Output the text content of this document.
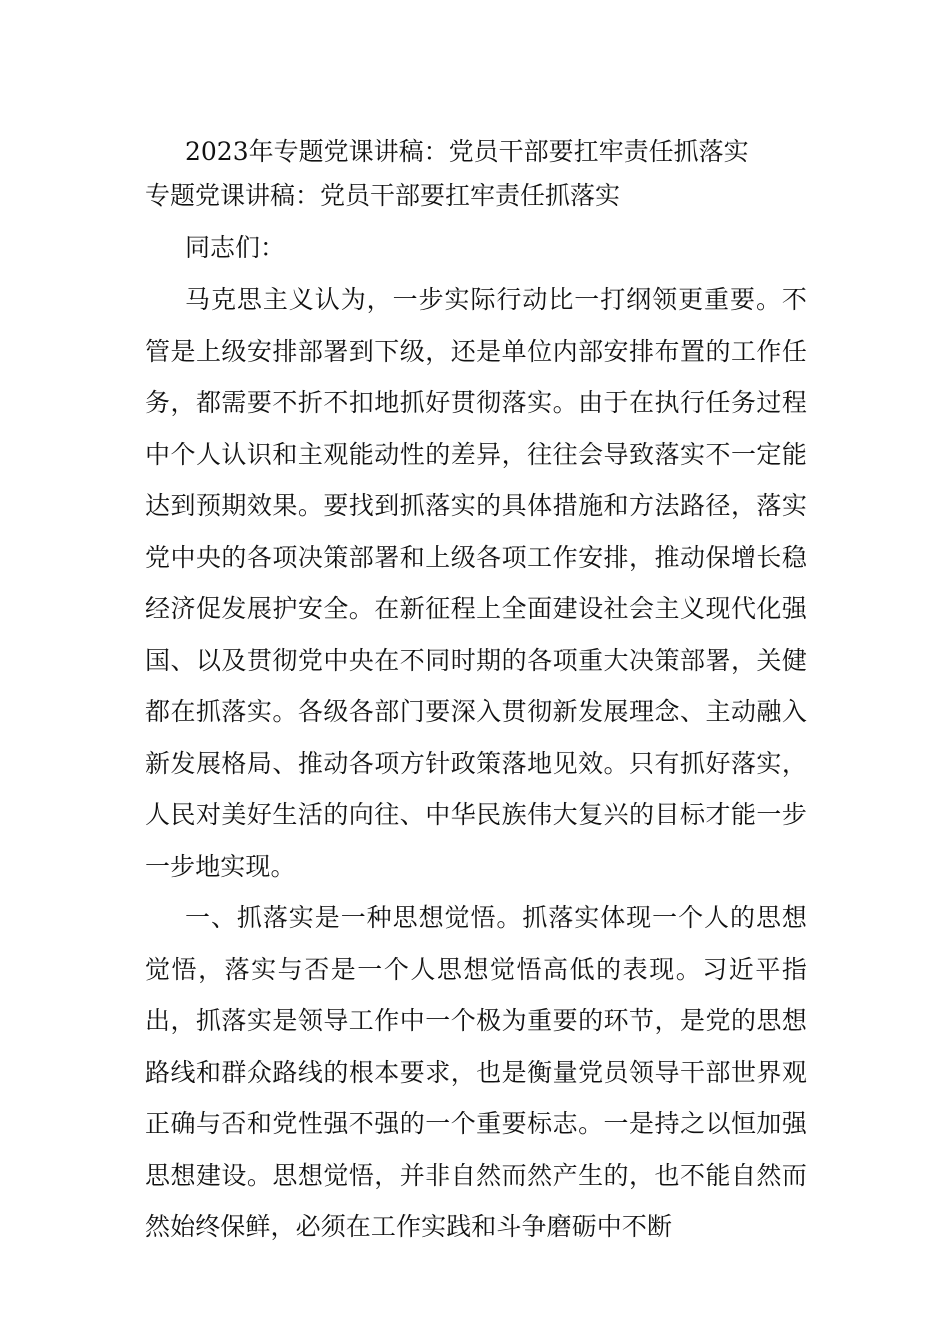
2023年专题党课讲稿：党员干部要扛牢责任抓落实
专题党课讲稿：党员干部要扛牢责任抓落实

同志们：

马克思主义认为，一步实际行动比一打纲领更重要。不管是上级安排部署到下级，还是单位内部安排布置的工作任务，都需要不折不扣地抓好贯彻落实。由于在执行任务过程中个人认识和主观能动性的差异，往往会导致落实不一定能达到预期效果。要找到抓落实的具体措施和方法路径，落实党中央的各项决策部署和上级各项工作安排，推动保增长稳经济促发展护安全。在新征程上全面建设社会主义现代化强国、以及贯彻党中央在不同时期的各项重大决策部署，关健都在抓落实。各级各部门要深入贯彻新发展理念、主动融入新发展格局、推动各项方针政策落地见效。只有抓好落实，人民对美好生活的向往、中华民族伟大复兴的目标才能一步一步地实现。

一、抓落实是一种思想觉悟。抓落实体现一个人的思想觉悟，落实与否是一个人思想觉悟高低的表现。习近平指出，抓落实是领导工作中一个极为重要的环节，是党的思想路线和群众路线的根本要求，也是衡量党员领导干部世界观正确与否和党性强不强的一个重要标志。一是持之以恒加强思想建设。思想觉悟，并非自然而然产生的，也不能自然而然始终保鲜，必须在工作实践和斗争磨砺中不断
